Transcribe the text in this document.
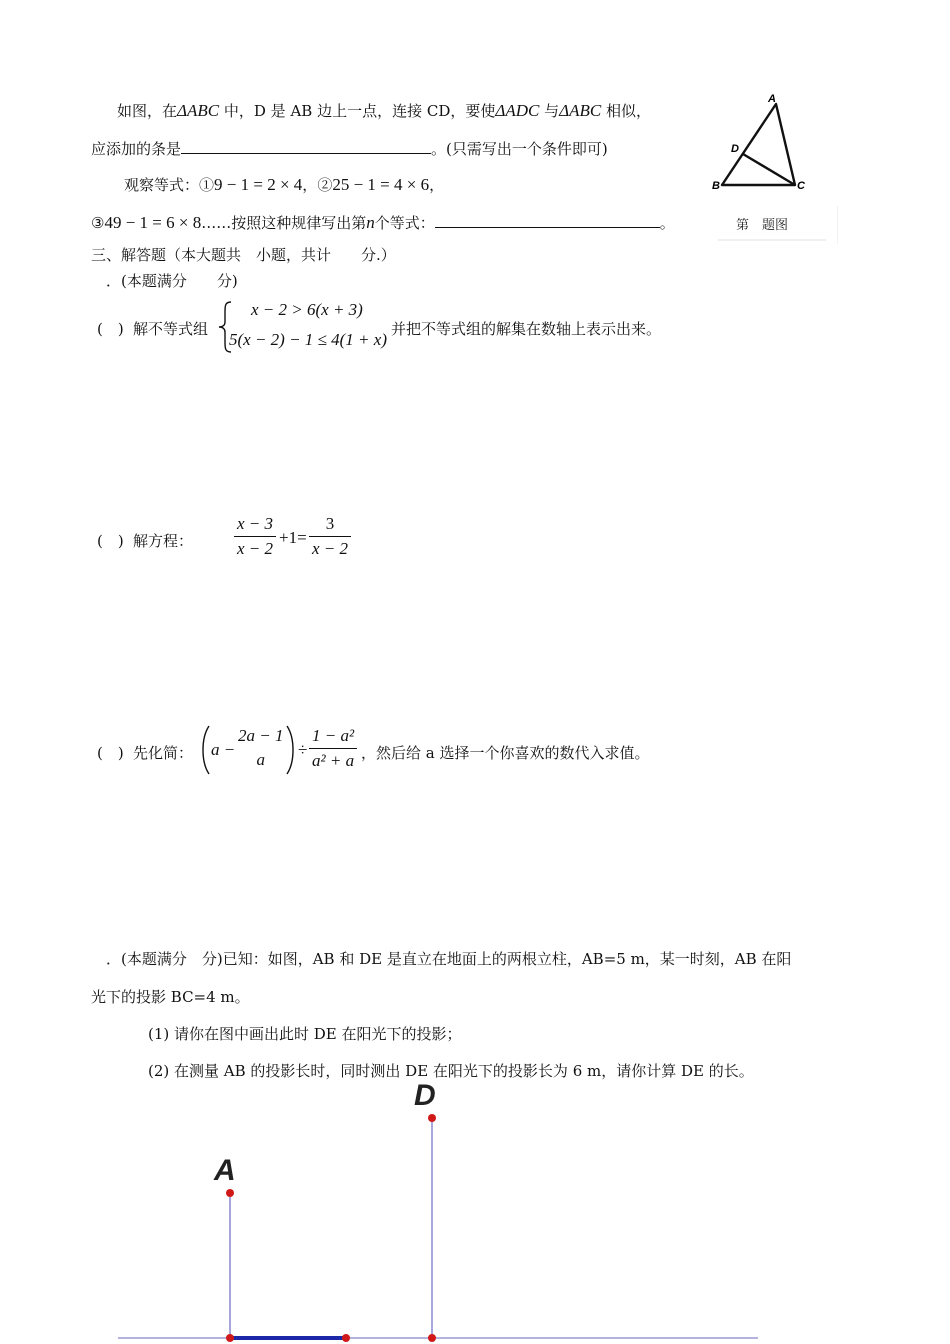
如图，在ΔABC 中，D 是 AB 边上一点，连接 CD，要使ΔADC 与ΔABC 相似，
应添加的条是	。(只需写出一个条件即可)
观察等式：①9 − 1 = 2 × 4，②25 − 1 = 4 × 6，
③49 − 1 = 6 × 8……按照这种规律写出第n个等式：	。
A
D
B	C
第　题图
三、解答题（本大题共　小题，共计　　分.）
．(本题满分　　分)
(　) 解不等式组
x − 2 > 6(x + 3)
5(x − 2) − 1 ≤ 4(1 + x)
并把不等式组的解集在数轴上表示出来。
(　) 解方程： $\frac{x - 3}{x - 2} +1= \frac{3}{x - 2}$
(　) 先化简： a −
2a − 1
a
÷ $\frac{\text{1 − a²}}{\text{a² + a}}$ ，然后给 a 选择一个你喜欢的数代入求值。
．(本题满分　分)已知：如图，AB 和 DE 是直立在地面上的两根立柱，AB=5 m，某一时刻，AB 在阳
光下的投影 BC=4 m。
(1) 请你在图中画出此时 DE 在阳光下的投影；
(2) 在测量 AB 的投影长时，同时测出 DE 在阳光下的投影长为 6 m，请你计算 DE 的长。
A
D
